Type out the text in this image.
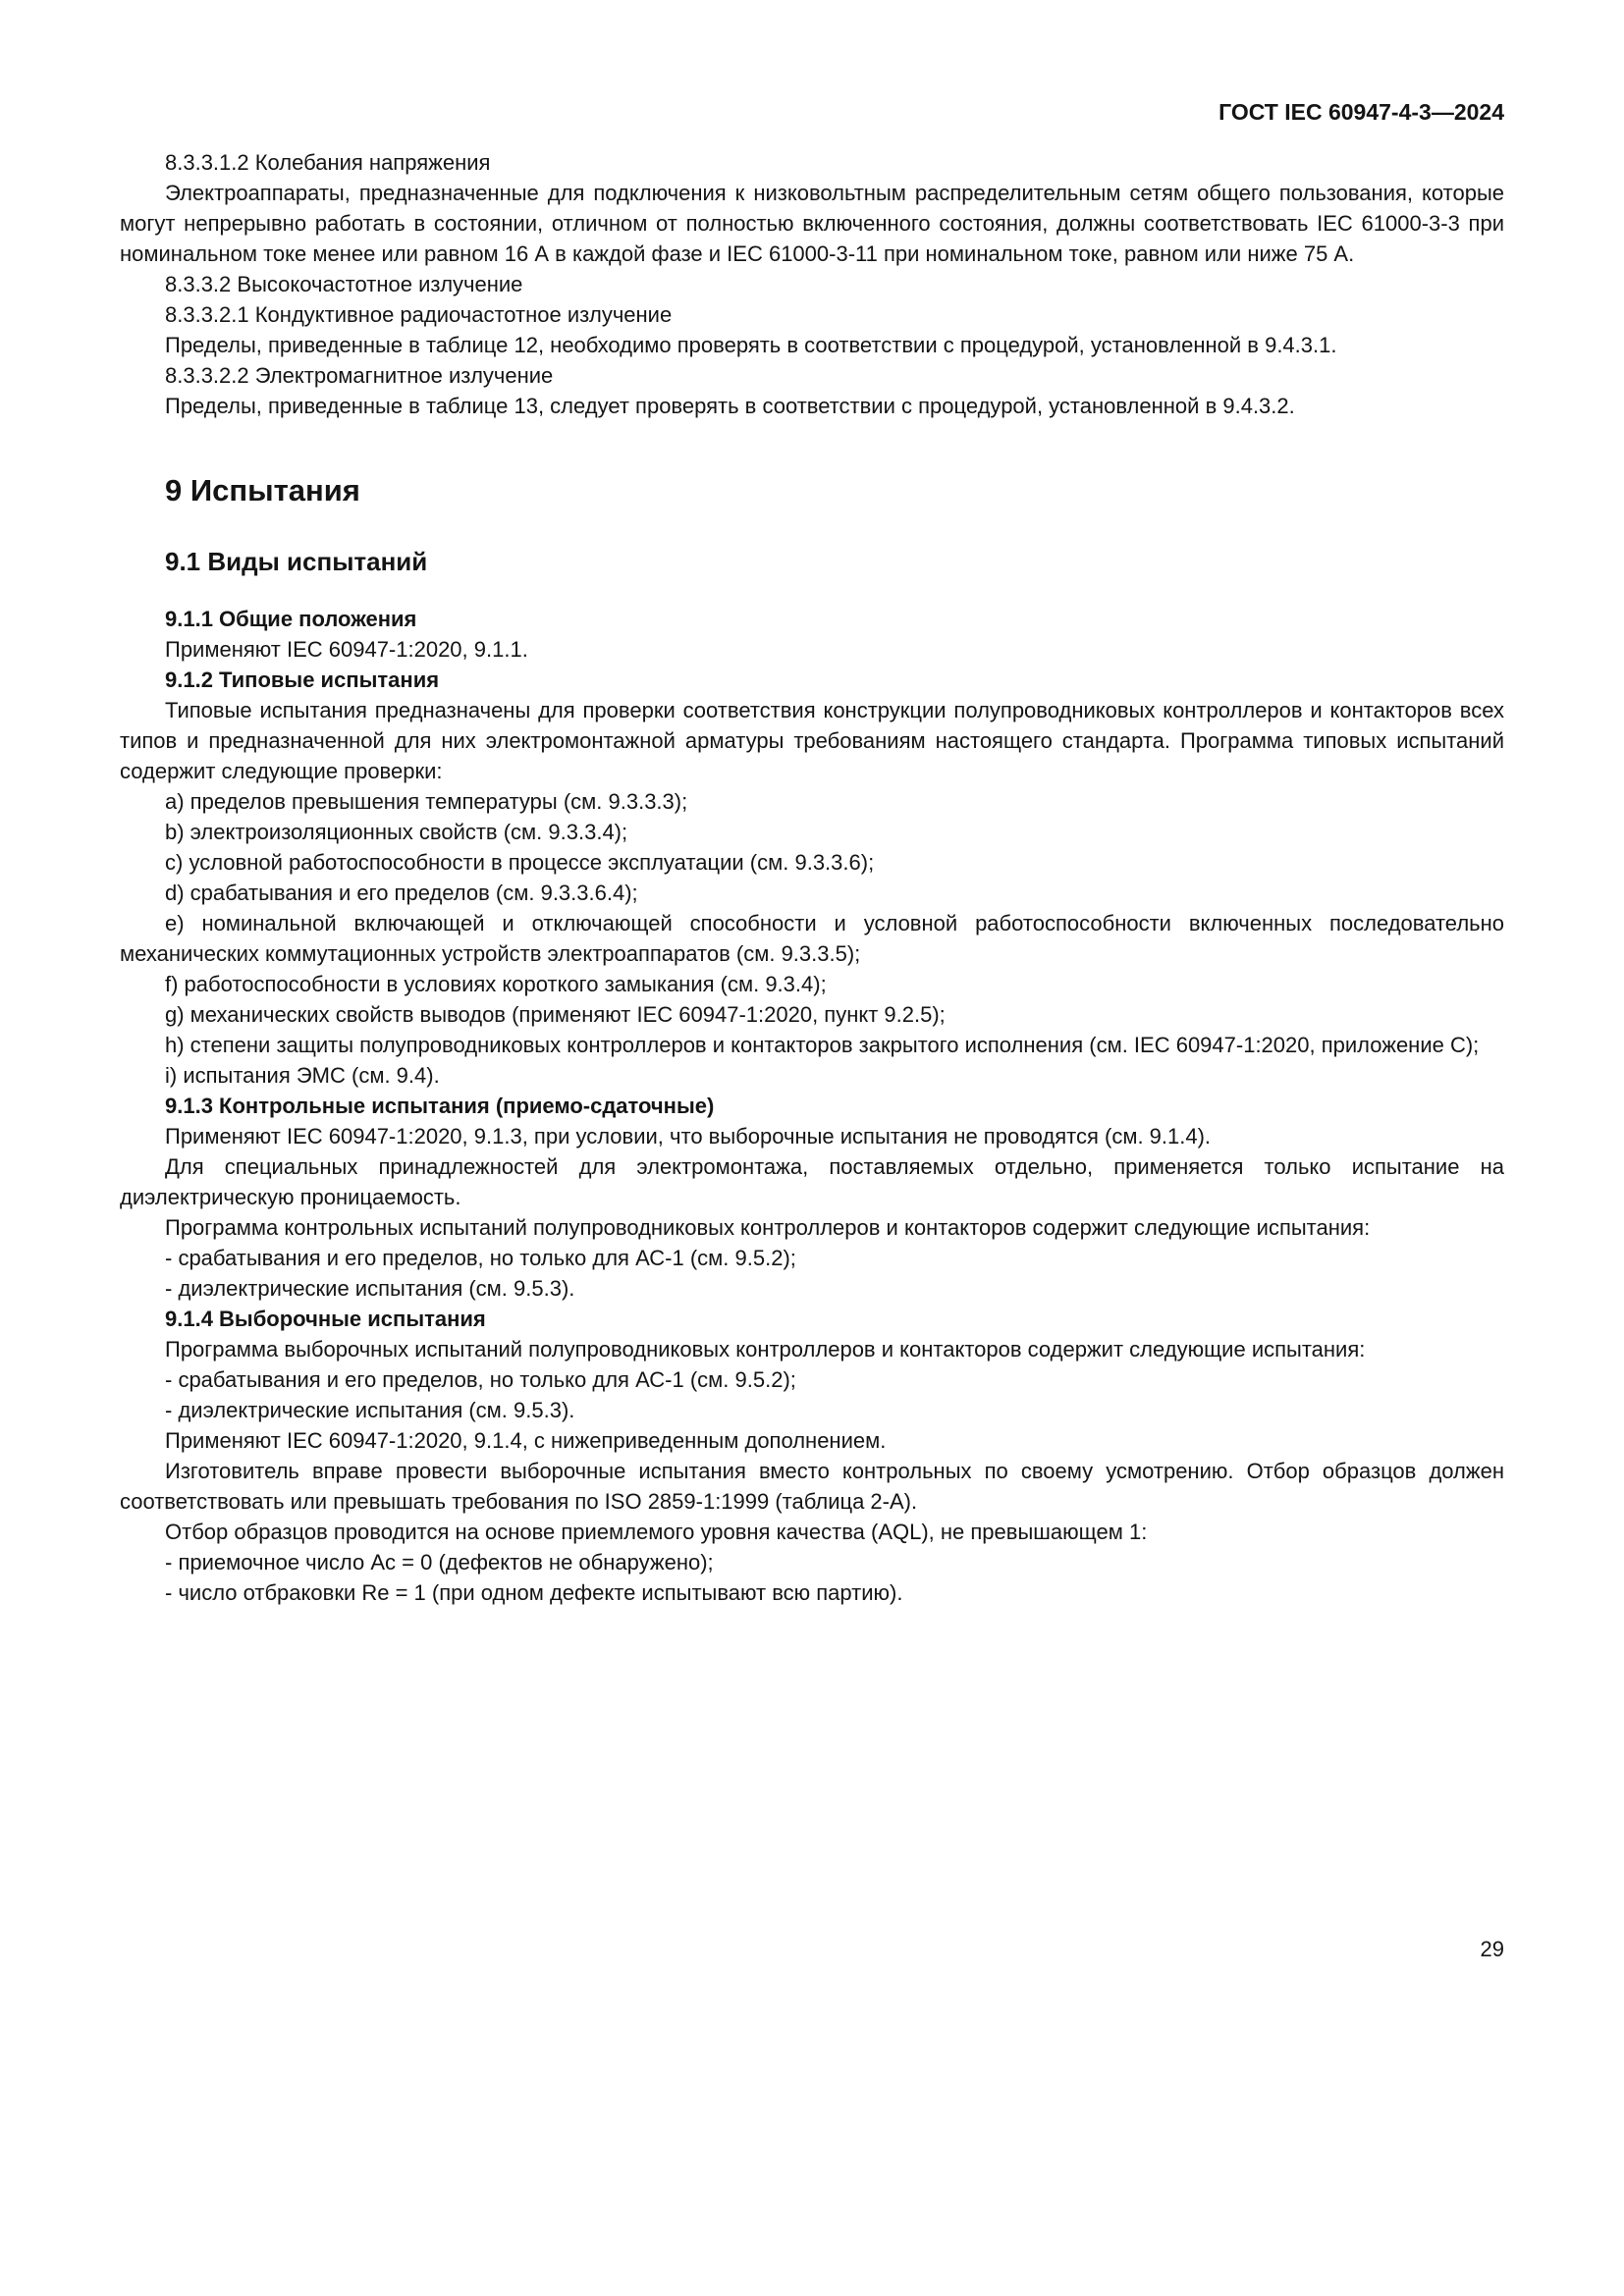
ГОСТ IEC 60947-4-3—2024

8.3.3.1.2 Колебания напряжения

Электроаппараты, предназначенные для подключения к низковольтным распределительным сетям общего пользования, которые могут непрерывно работать в состоянии, отличном от полностью включенного состояния, должны соответствовать IEC 61000-3-3 при номинальном токе менее или равном 16 А в каждой фазе и IEC 61000-3-11 при номинальном токе, равном или ниже 75 А.

8.3.3.2 Высокочастотное излучение

8.3.3.2.1 Кондуктивное радиочастотное излучение

Пределы, приведенные в таблице 12, необходимо проверять в соответствии с процедурой, установленной в 9.4.3.1.

8.3.3.2.2 Электромагнитное излучение

Пределы, приведенные в таблице 13, следует проверять в соответствии с процедурой, установленной в 9.4.3.2.

9 Испытания

9.1 Виды испытаний

9.1.1 Общие положения

Применяют IEC 60947-1:2020, 9.1.1.

9.1.2 Типовые испытания

Типовые испытания предназначены для проверки соответствия конструкции полупроводниковых контроллеров и контакторов всех типов и предназначенной для них электромонтажной арматуры требованиям настоящего стандарта. Программа типовых испытаний содержит следующие проверки:

a) пределов превышения температуры (см. 9.3.3.3);

b) электроизоляционных свойств (см. 9.3.3.4);

c) условной работоспособности в процессе эксплуатации (см. 9.3.3.6);

d) срабатывания и его пределов (см. 9.3.3.6.4);

e) номинальной включающей и отключающей способности и условной работоспособности включенных последовательно механических коммутационных устройств электроаппаратов (см. 9.3.3.5);

f) работоспособности в условиях короткого замыкания (см. 9.3.4);

g) механических свойств выводов (применяют IEC 60947-1:2020, пункт 9.2.5);

h) степени защиты полупроводниковых контроллеров и контакторов закрытого исполнения (см. IEC 60947-1:2020, приложение С);

i) испытания ЭМС (см. 9.4).

9.1.3 Контрольные испытания (приемо-сдаточные)

Применяют IEC 60947-1:2020, 9.1.3, при условии, что выборочные испытания не проводятся (см. 9.1.4).

Для специальных принадлежностей для электромонтажа, поставляемых отдельно, применяется только испытание на диэлектрическую проницаемость.

Программа контрольных испытаний полупроводниковых контроллеров и контакторов содержит следующие испытания:

- срабатывания и его пределов, но только для АС-1 (см. 9.5.2);

- диэлектрические испытания (см. 9.5.3).

9.1.4 Выборочные испытания

Программа выборочных испытаний полупроводниковых контроллеров и контакторов содержит следующие испытания:

- срабатывания и его пределов, но только для АС-1 (см. 9.5.2);

- диэлектрические испытания (см. 9.5.3).

Применяют IEC 60947-1:2020, 9.1.4, с нижеприведенным дополнением.

Изготовитель вправе провести выборочные испытания вместо контрольных по своему усмотрению. Отбор образцов должен соответствовать или превышать требования по ISO 2859-1:1999 (таблица 2-А).

Отбор образцов проводится на основе приемлемого уровня качества (AQL), не превышающем 1:

- приемочное число Ас = 0 (дефектов не обнаружено);

- число отбраковки Re = 1 (при одном дефекте испытывают всю партию).

29
